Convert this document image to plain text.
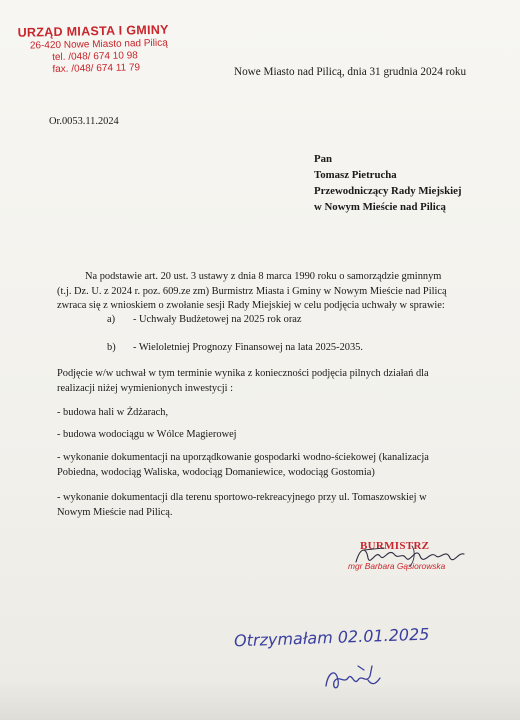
URZĄD MIASTA I GMINY
26-420 Nowe Miasto nad Pilicą
tel. /048/ 674 10 98
fax. /048/ 674 11 79	Nowe Miasto nad Pilicą, dnia 31 grudnia 2024 roku
Or.0053.11.2024
Pan
Tomasz Pietrucha
Przewodniczący Rady Miejskiej
w Nowym Mieście nad Pilicą
Na podstawie art. 20 ust. 3 ustawy z dnia 8 marca 1990 roku o samorządzie gminnym
(t.j. Dz. U. z 2024 r. poz. 609.ze zm) Burmistrz Miasta i Gminy w Nowym Mieście nad Pilicą
zwraca się z wnioskiem o zwołanie sesji Rady Miejskiej w celu podjęcia uchwały w sprawie:
a) - Uchwały Budżetowej na 2025 rok oraz
b) - Wieloletniej Prognozy Finansowej na lata 2025-2035.
Podjęcie w/w uchwał w tym terminie wynika z konieczności podjęcia pilnych działań dla
realizacji niżej wymienionych inwestycji :
- budowa hali w Żdżarach,
- budowa wodociągu w Wólce Magierowej
- wykonanie dokumentacji na uporządkowanie gospodarki wodno-ściekowej (kanalizacja
Pobiedna, wodociąg Waliska, wodociąg Domaniewice, wodociąg Gostomia)
- wykonanie dokumentacji dla terenu sportowo-rekreacyjnego przy ul. Tomaszowskiej w
Nowym Mieście nad Pilicą.
BURMISTRZ
mgr Barbara Gąsiorowska
Otrzymałam 02.01.2025
